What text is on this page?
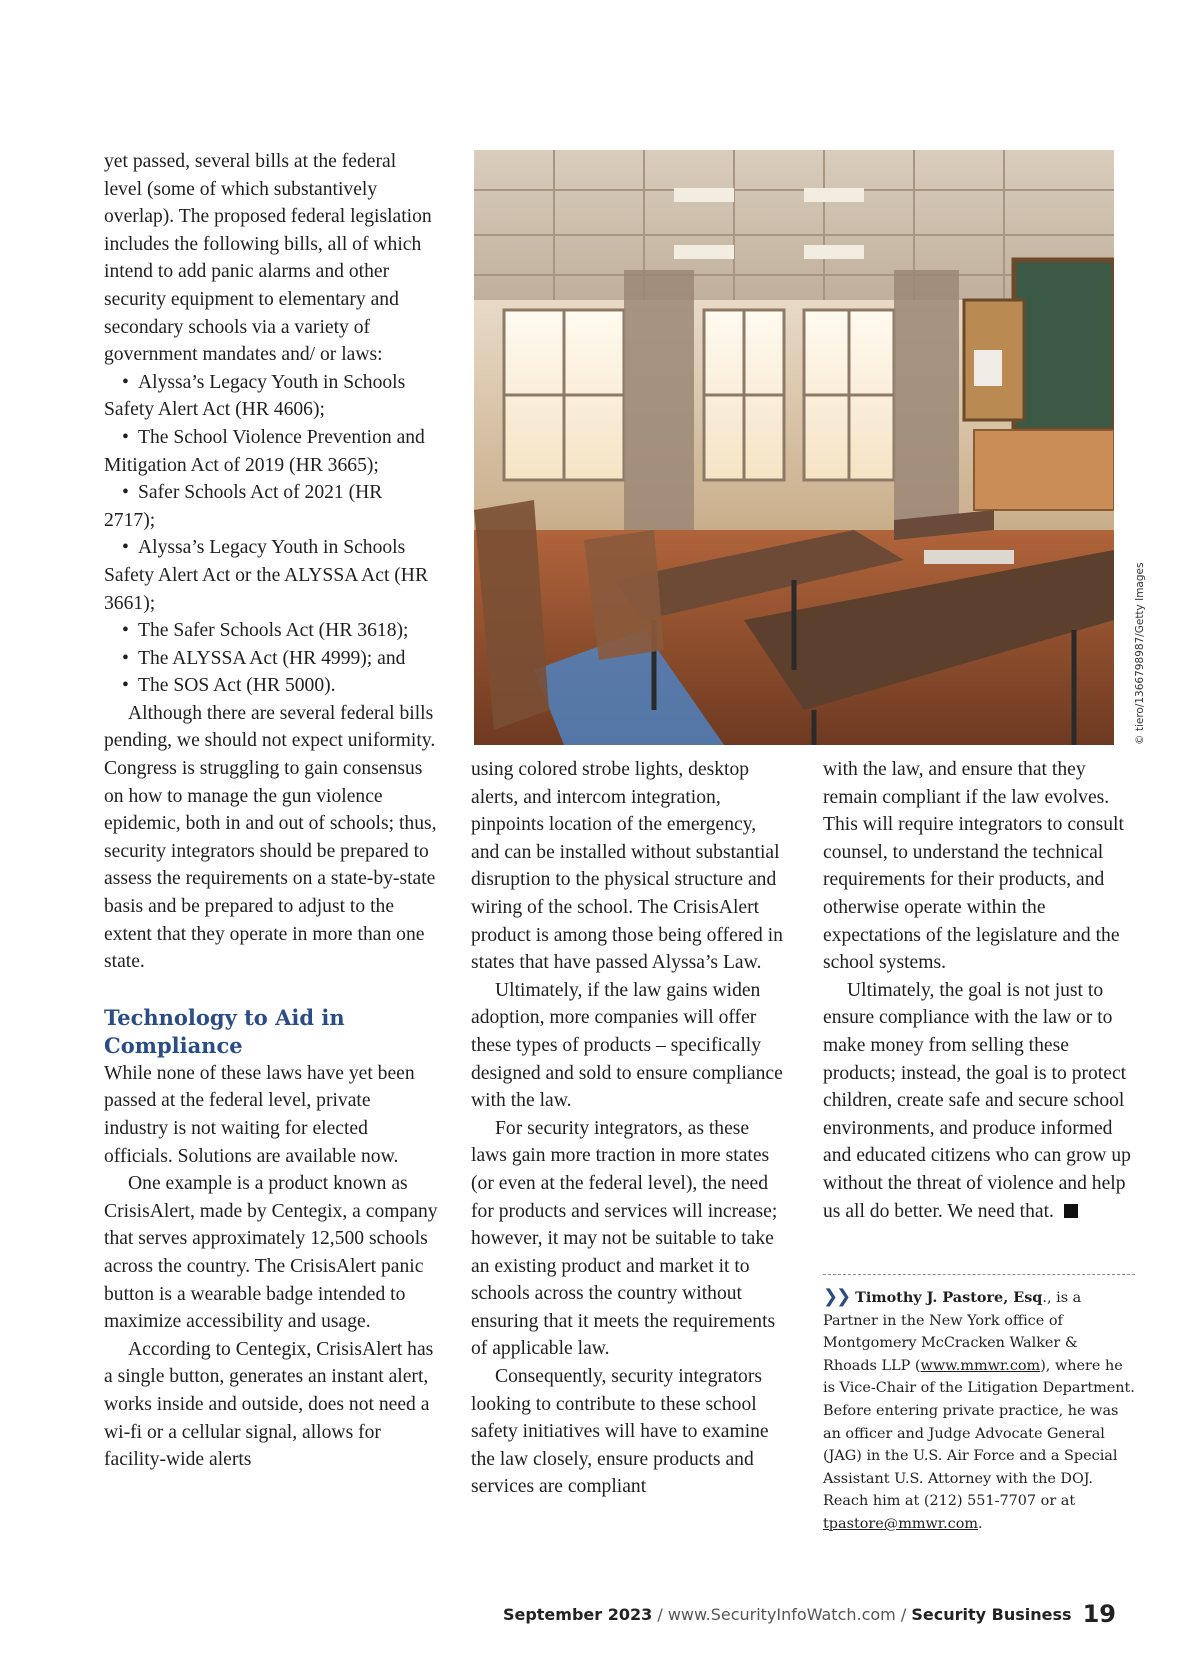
yet passed, several bills at the federal level (some of which substantively overlap). The proposed federal legislation includes the following bills, all of which intend to add panic alarms and other security equipment to elementary and secondary schools via a variety of government mandates and/ or laws:

• Alyssa’s Legacy Youth in Schools Safety Alert Act (HR 4606);

• The School Violence Prevention and Mitigation Act of 2019 (HR 3665);

• Safer Schools Act of 2021 (HR 2717);

• Alyssa’s Legacy Youth in Schools Safety Alert Act or the ALYSSA Act (HR 3661);

• The Safer Schools Act (HR 3618);

• The ALYSSA Act (HR 4999); and

• The SOS Act (HR 5000).

Although there are several federal bills pending, we should not expect uniformity. Congress is struggling to gain consensus on how to manage the gun violence epidemic, both in and out of schools; thus, security integrators should be prepared to assess the requirements on a state-by-state basis and be prepared to adjust to the extent that they operate in more than one state.

Technology to Aid in Compliance

While none of these laws have yet been passed at the federal level, private industry is not waiting for elected officials. Solutions are available now.

One example is a product known as CrisisAlert, made by Centegix, a company that serves approximately 12,500 schools across the country. The CrisisAlert panic button is a wearable badge intended to maximize accessibility and usage.

According to Centegix, CrisisAlert has a single button, generates an instant alert, works inside and outside, does not need a wi-fi or a cellular signal, allows for facility-wide alerts

© tiero/1366798987/Getty Images

using colored strobe lights, desktop alerts, and intercom integration, pinpoints location of the emergency, and can be installed without substantial disruption to the physical structure and wiring of the school. The CrisisAlert product is among those being offered in states that have passed Alyssa’s Law.

Ultimately, if the law gains widen adoption, more companies will offer these types of products – specifically designed and sold to ensure compliance with the law.

For security integrators, as these laws gain more traction in more states (or even at the federal level), the need for products and services will increase; however, it may not be suitable to take an existing product and market it to schools across the country without ensuring that it meets the requirements of applicable law.

Consequently, security integrators looking to contribute to these school safety initiatives will have to examine the law closely, ensure products and services are compliant

with the law, and ensure that they remain compliant if the law evolves. This will require integrators to consult counsel, to understand the technical requirements for their products, and otherwise operate within the expectations of the legislature and the school systems.

Ultimately, the goal is not just to ensure compliance with the law or to make money from selling these products; instead, the goal is to protect children, create safe and secure school environments, and produce informed and educated citizens who can grow up without the threat of violence and help us all do better. We need that.

❯❯ Timothy J. Pastore, Esq., is a Partner in the New York office of Montgomery McCracken Walker & Rhoads LLP (www.mmwr.com), where he is Vice-Chair of the Litigation Department. Before entering private practice, he was an officer and Judge Advocate General (JAG) in the U.S. Air Force and a Special Assistant U.S. Attorney with the DOJ. Reach him at (212) 551-7707 or at tpastore@mmwr.com.

September 2023 / www.SecurityInfoWatch.com / Security Business 19
